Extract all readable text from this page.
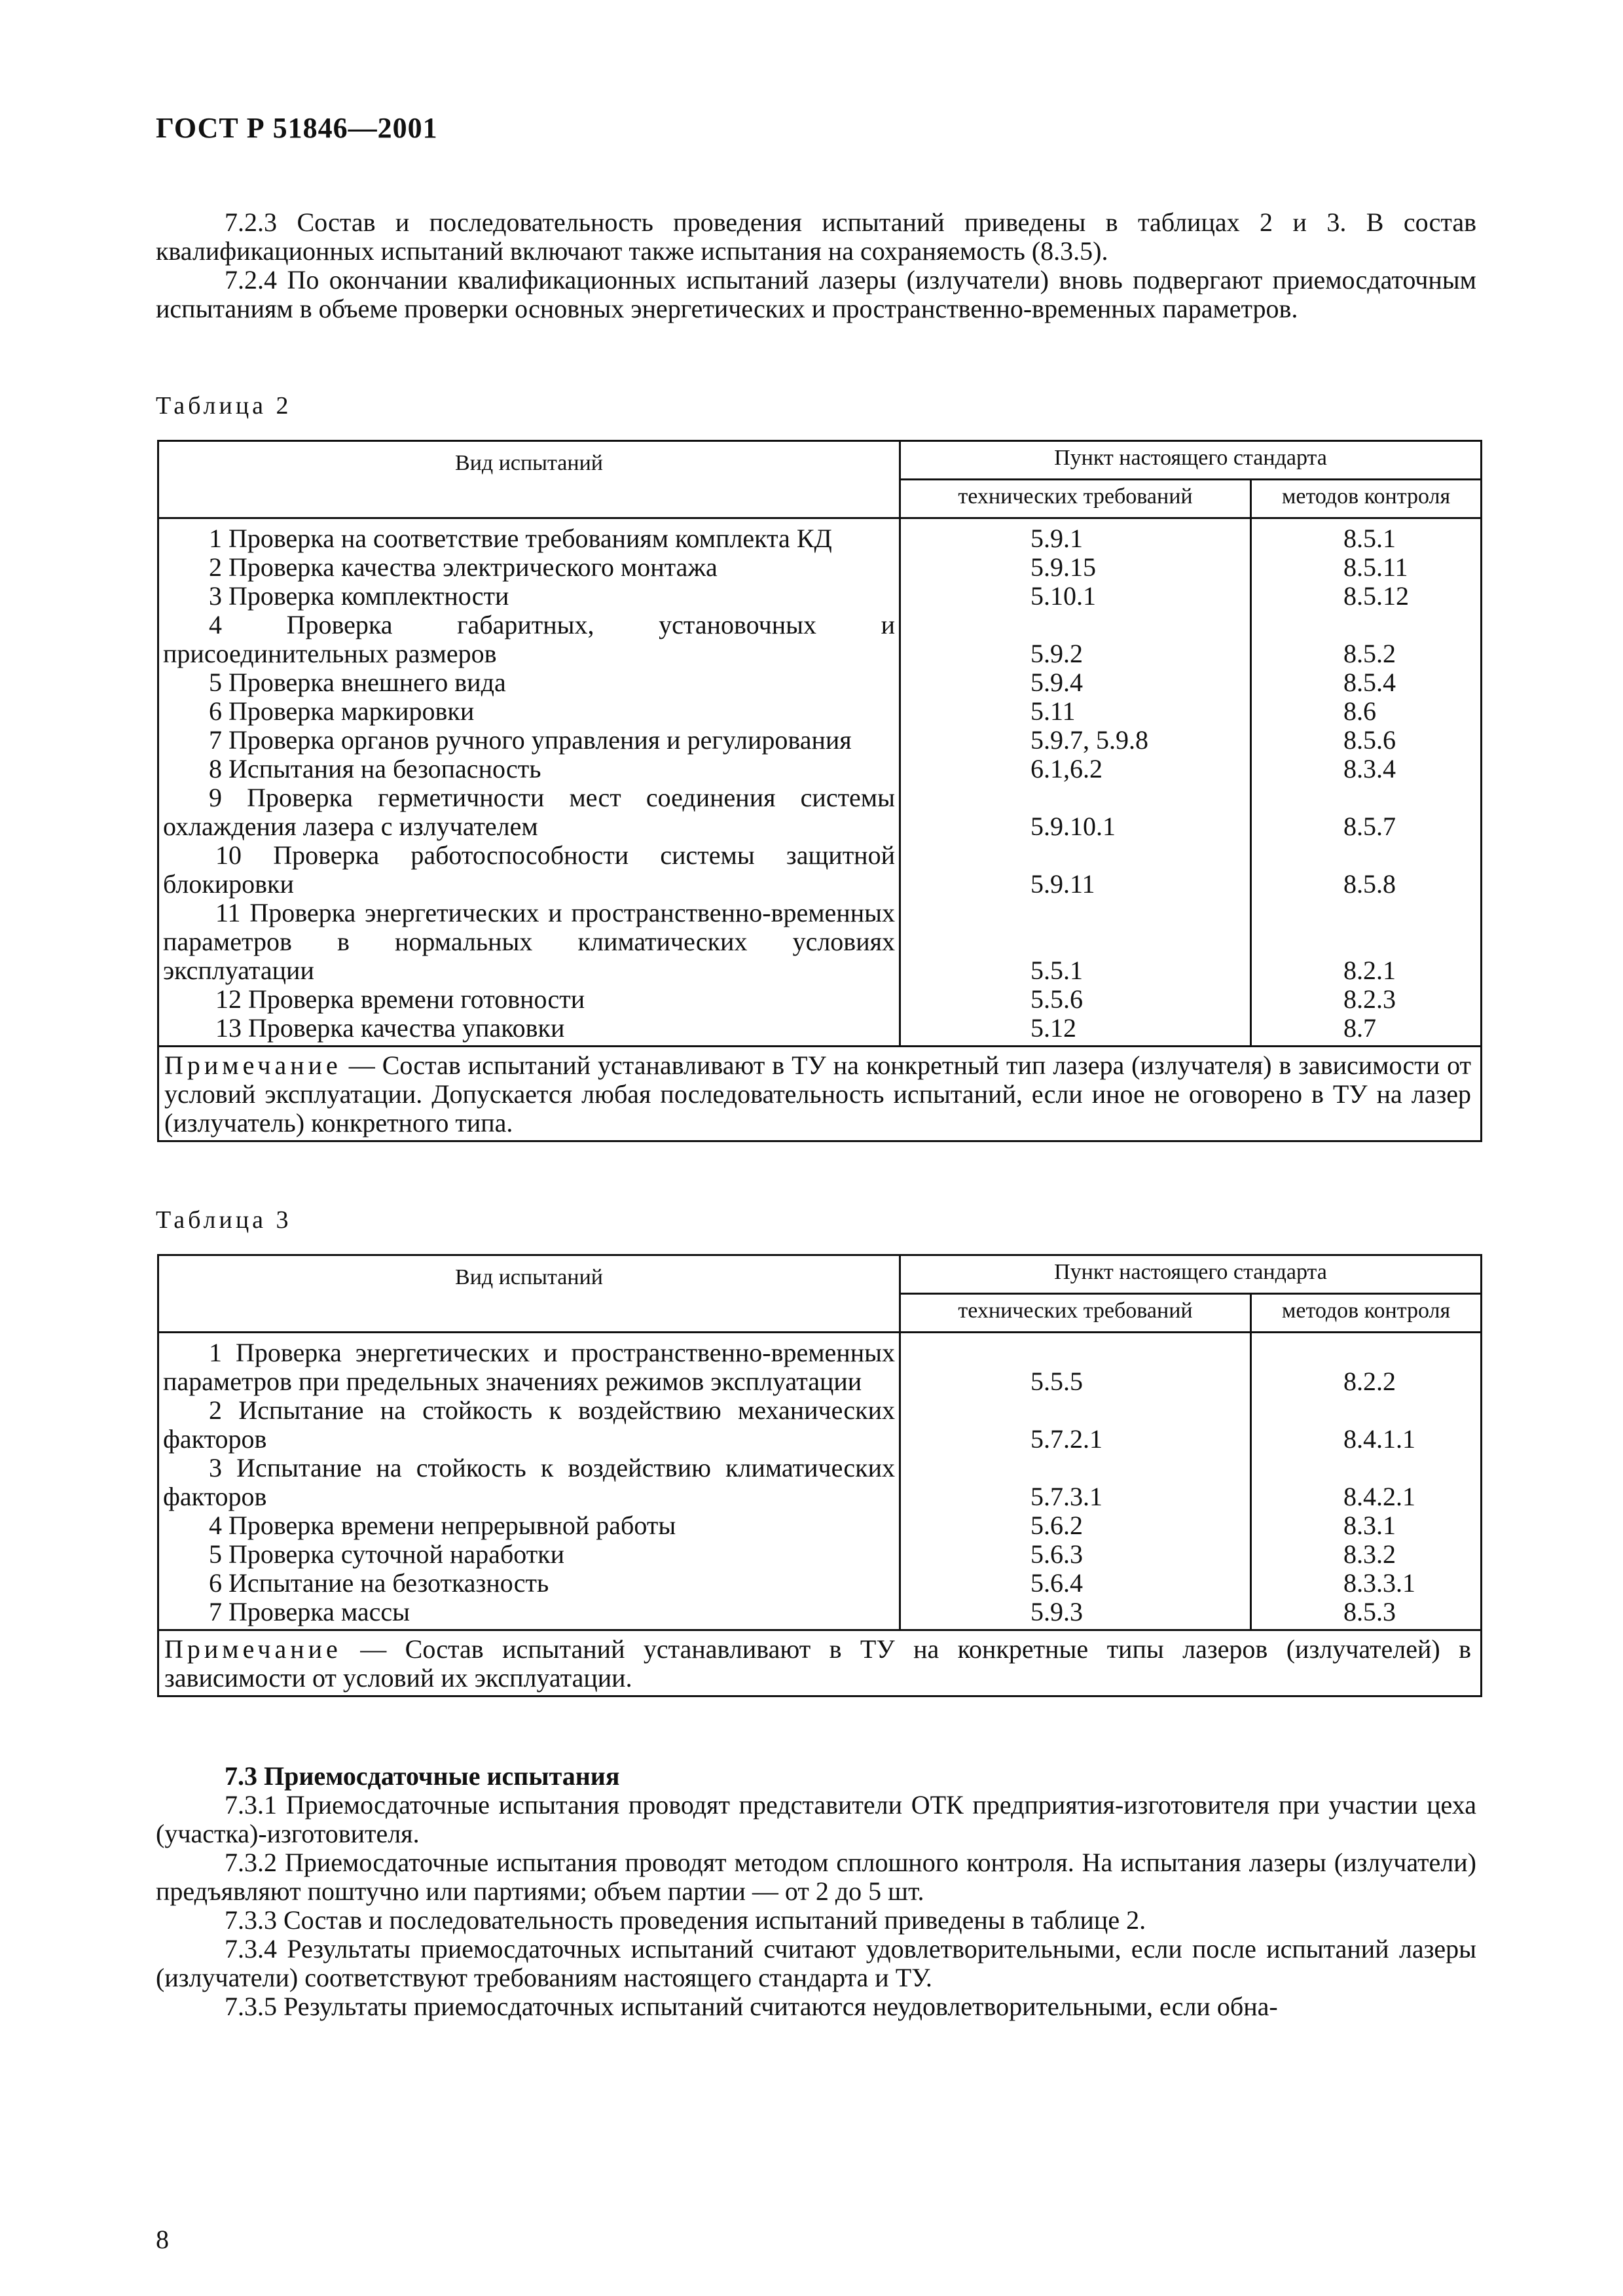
ГОСТ Р 51846—2001

7.2.3 Состав и последовательность проведения испытаний приведены в таблицах 2 и 3. В состав квалификационных испытаний включают также испытания на сохраняемость (8.3.5).

7.2.4 По окончании квалификационных испытаний лазеры (излучатели) вновь подвергают приемосдаточным испытаниям в объеме проверки основных энергетических и пространственно-временных параметров.

Таблица 2
Вид испытаний	Пункт настоящего стандарта	
	технических требований	методов контроля

1 Проверка на соответствие требованиям комплекта КД	5.9.1	8.5.1

2 Проверка качества электрического монтажа	5.9.15	8.5.11

3 Проверка комплектности	5.10.1	8.5.12

4 Проверка габаритных, установочных и присоединительных размеров	5.9.2	8.5.2

5 Проверка внешнего вида	5.9.4	8.5.4

6 Проверка маркировки	5.11	8.6

7 Проверка органов ручного управления и регулирования	5.9.7, 5.9.8	8.5.6

8 Испытания на безопасность	6.1,6.2	8.3.4

9 Проверка герметичности мест соединения системы охлаждения лазера с излучателем	5.9.10.1	8.5.7

10 Проверка работоспособности системы защитной блокировки	5.9.11	8.5.8

11 Проверка энергетических и пространственно-временных параметров в нормальных климатических условиях эксплуатации	5.5.1	8.2.1

12 Проверка времени готовности	5.5.6	8.2.3

13 Проверка качества упаковки	5.12	8.7
Примечание — Состав испытаний устанавливают в ТУ на конкретный тип лазера (излучателя) в зависимости от условий эксплуатации. Допускается любая последовательность испытаний, если иное не оговорено в ТУ на лазер (излучатель) конкретного типа.		
Таблица 3
Вид испытаний	Пункт настоящего стандарта	
	технических требований	методов контроля

1 Проверка энергетических и пространственно-временных параметров при предельных значениях режимов эксплуатации	5.5.5	8.2.2

2 Испытание на стойкость к воздействию механических факторов	5.7.2.1	8.4.1.1

3 Испытание на стойкость к воздействию климатических факторов	5.7.3.1	8.4.2.1

4 Проверка времени непрерывной работы	5.6.2	8.3.1

5 Проверка суточной наработки	5.6.3	8.3.2

6 Испытание на безотказность	5.6.4	8.3.3.1

7 Проверка массы	5.9.3	8.5.3
Примечание — Состав испытаний устанавливают в ТУ на конкретные типы лазеров (излучателей) в зависимости от условий их эксплуатации.		

7.3 Приемосдаточные испытания

7.3.1 Приемосдаточные испытания проводят представители ОТК предприятия-изготовителя при участии цеха (участка)-изготовителя.

7.3.2 Приемосдаточные испытания проводят методом сплошного контроля. На испытания лазеры (излучатели) предъявляют поштучно или партиями; объем партии — от 2 до 5 шт.

7.3.3 Состав и последовательность проведения испытаний приведены в таблице 2.

7.3.4 Результаты приемосдаточных испытаний считают удовлетворительными, если после испытаний лазеры (излучатели) соответствуют требованиям настоящего стандарта и ТУ.

7.3.5 Результаты приемосдаточных испытаний считаются неудовлетворительными, если обна-

8
